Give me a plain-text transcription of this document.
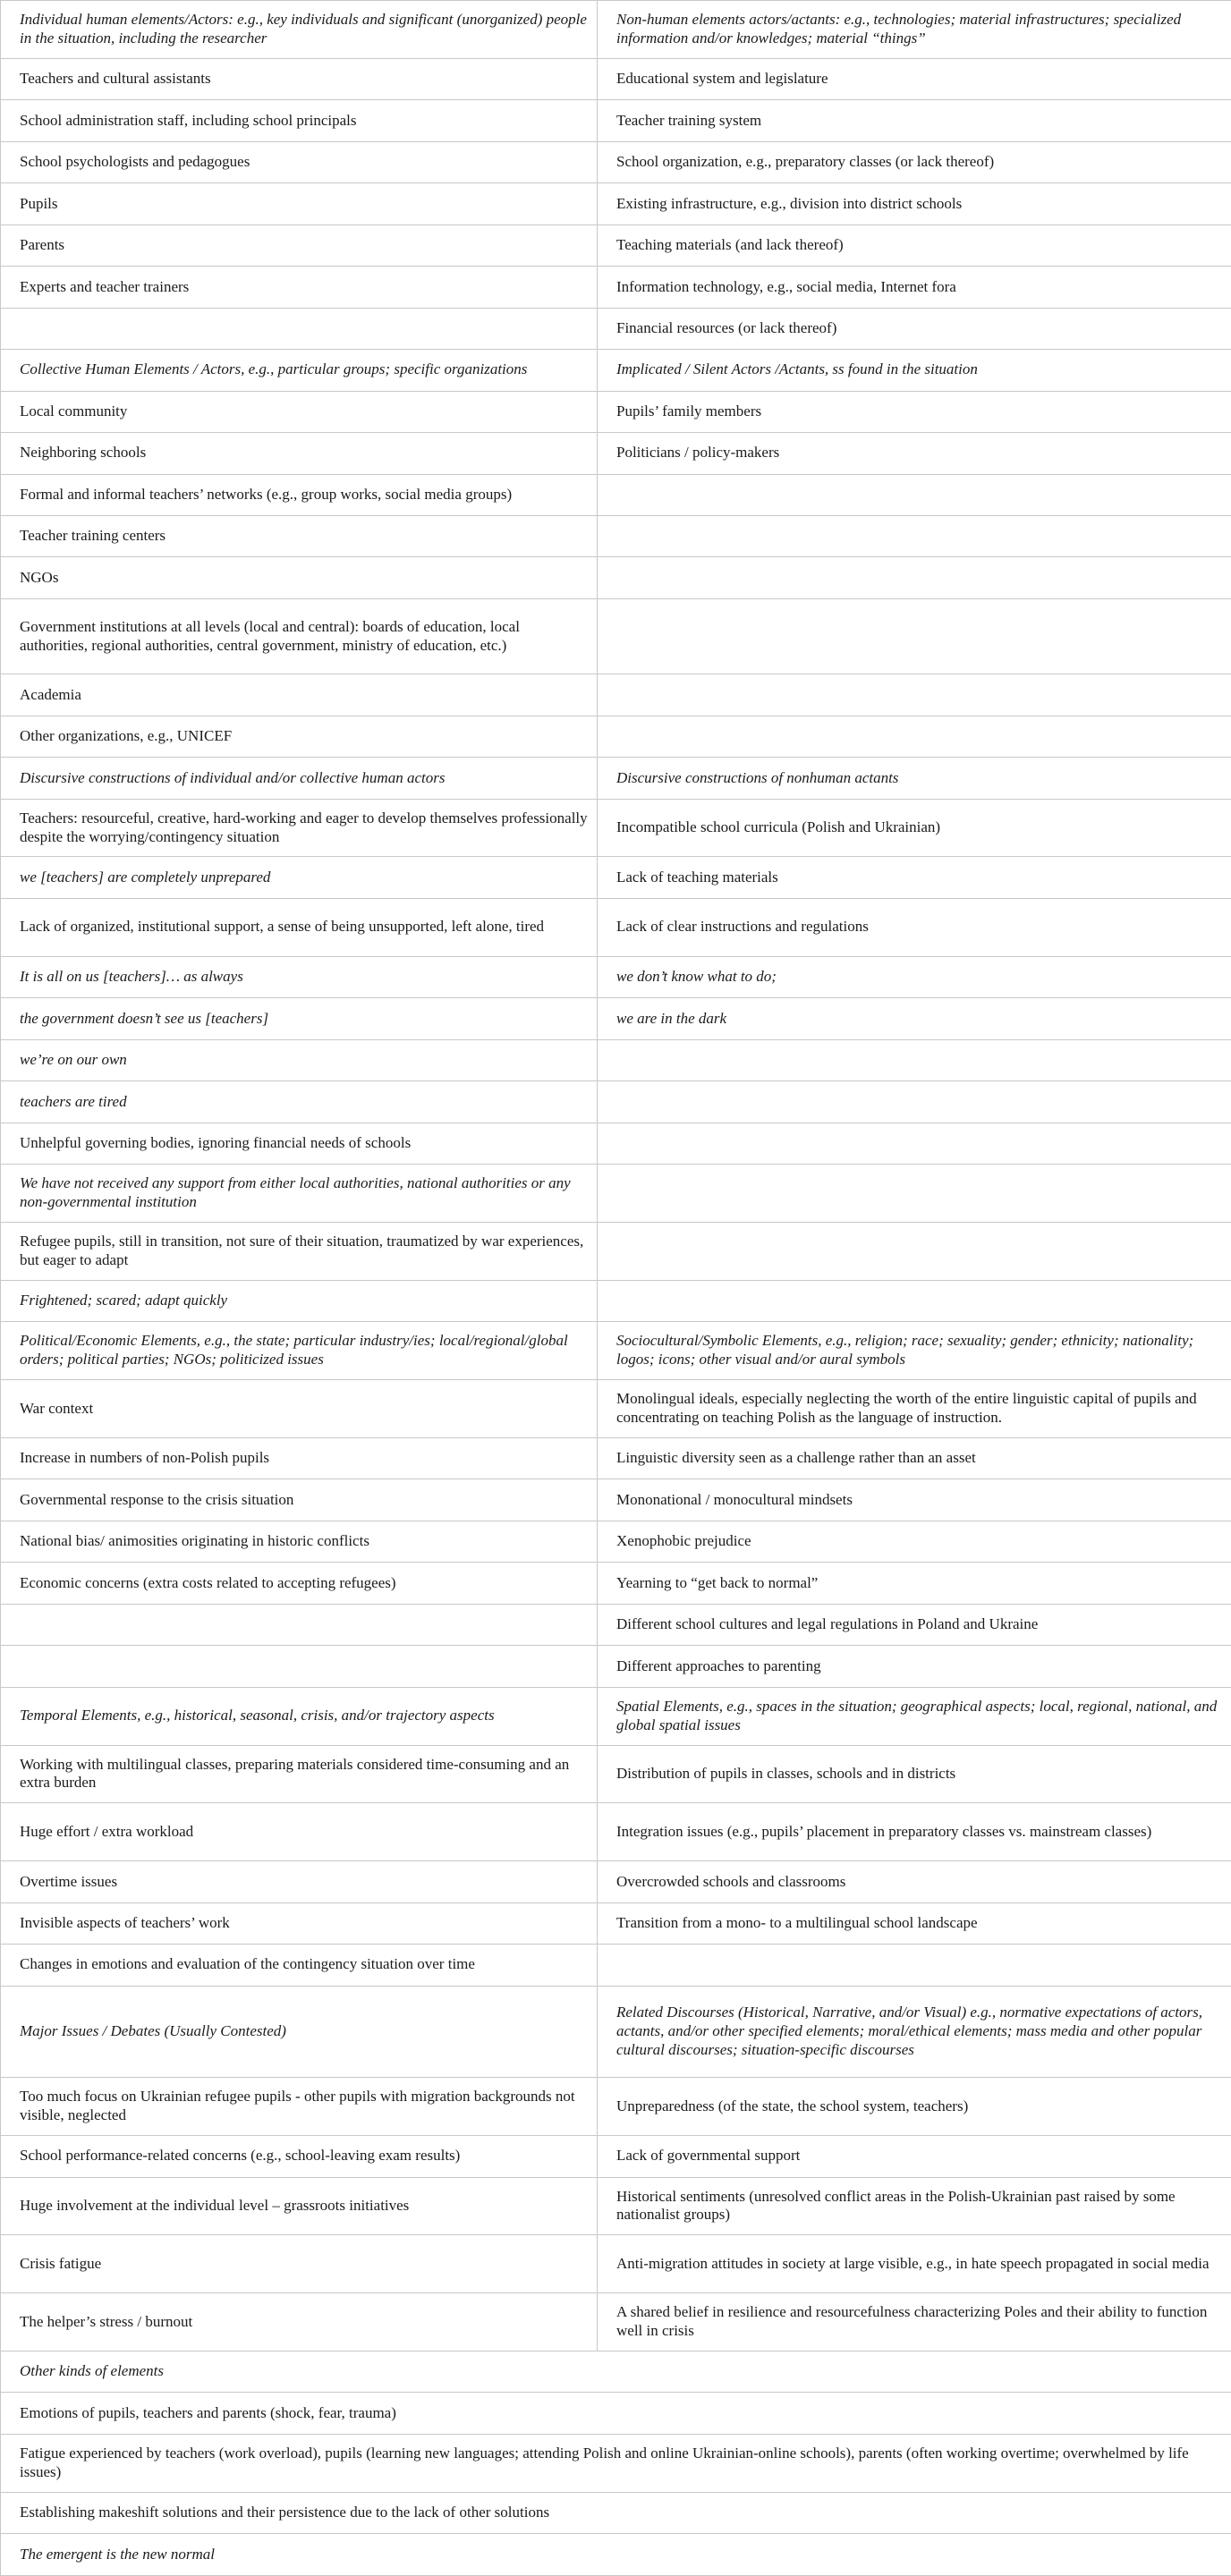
Individual human elements/Actors: e.g., key individuals and significant (unorganized) people in the situation, including the researcher	Non-human elements actors/actants: e.g., technologies; material infrastructures; specialized information and/or knowledges; material “things”
Teachers and cultural assistants	Educational system and legislature
School administration staff, including school principals	Teacher training system
School psychologists and pedagogues	School organization, e.g., preparatory classes (or lack thereof)
Pupils	Existing infrastructure, e.g., division into district schools
Parents	Teaching materials (and lack thereof)
Experts and teacher trainers	Information technology, e.g., social media, Internet fora
	Financial resources (or lack thereof)
Collective Human Elements / Actors, e.g., particular groups; specific organizations	Implicated / Silent Actors /Actants, ss found in the situation
Local community	Pupils’ family members
Neighboring schools	Politicians / policy-makers
Formal and informal teachers’ networks (e.g., group works, social media groups)	
Teacher training centers	
NGOs	
Government institutions at all levels (local and central): boards of education, local authorities, regional authorities, central government, ministry of education, etc.)	
Academia	
Other organizations, e.g., UNICEF	
Discursive constructions of individual and/or collective human actors	Discursive constructions of nonhuman actants
Teachers: resourceful, creative, hard-working and eager to develop themselves professionally despite the worrying/contingency situation	Incompatible school curricula (Polish and Ukrainian)
we [teachers] are completely unprepared	Lack of teaching materials
Lack of organized, institutional support, a sense of being unsupported, left alone, tired	Lack of clear instructions and regulations
It is all on us [teachers]… as always	we don’t know what to do;
the government doesn’t see us [teachers]	we are in the dark
we’re on our own	
teachers are tired	
Unhelpful governing bodies, ignoring financial needs of schools	
We have not received any support from either local authorities, national authorities or any non-governmental institution	
Refugee pupils, still in transition, not sure of their situation, traumatized by war experiences, but eager to adapt	
Frightened; scared; adapt quickly	
Political/Economic Elements, e.g., the state; particular industry/ies; local/regional/global orders; political parties; NGOs; politicized issues	Sociocultural/Symbolic Elements, e.g., religion; race; sexuality; gender; ethnicity; nationality; logos; icons; other visual and/or aural symbols
War context	Monolingual ideals, especially neglecting the worth of the entire linguistic capital of pupils and concentrating on teaching Polish as the language of instruction.
Increase in numbers of non-Polish pupils	Linguistic diversity seen as a challenge rather than an asset
Governmental response to the crisis situation	Mononational / monocultural mindsets
National bias/ animosities originating in historic conflicts	Xenophobic prejudice
Economic concerns (extra costs related to accepting refugees)	Yearning to “get back to normal”
	Different school cultures and legal regulations in Poland and Ukraine
	Different approaches to parenting
Temporal Elements, e.g., historical, seasonal, crisis, and/or trajectory aspects	Spatial Elements, e.g., spaces in the situation; geographical aspects; local, regional, national, and global spatial issues
Working with multilingual classes, preparing materials considered time-consuming and an extra burden	Distribution of pupils in classes, schools and in districts
Huge effort / extra workload	Integration issues (e.g., pupils’ placement in preparatory classes vs. mainstream classes)
Overtime issues	Overcrowded schools and classrooms
Invisible aspects of teachers’ work	Transition from a mono- to a multilingual school landscape
Changes in emotions and evaluation of the contingency situation over time	
Major Issues / Debates (Usually Contested)	Related Discourses (Historical, Narrative, and/or Visual) e.g., normative expectations of actors, actants, and/or other specified elements; moral/ethical elements; mass media and other popular cultural discourses; situation-specific discourses
Too much focus on Ukrainian refugee pupils - other pupils with migration backgrounds not visible, neglected	Unpreparedness (of the state, the school system, teachers)
School performance-related concerns (e.g., school-leaving exam results)	Lack of governmental support
Huge involvement at the individual level – grassroots initiatives	Historical sentiments (unresolved conflict areas in the Polish-Ukrainian past raised by some nationalist groups)
Crisis fatigue	Anti-migration attitudes in society at large visible, e.g., in hate speech propagated in social media
The helper’s stress / burnout	A shared belief in resilience and resourcefulness characterizing Poles and their ability to function well in crisis
Other kinds of elements	
Emotions of pupils, teachers and parents (shock, fear, trauma)	
Fatigue experienced by teachers (work overload), pupils (learning new languages; attending Polish and online Ukrainian-online schools), parents (often working overtime; overwhelmed by life issues)	
Establishing makeshift solutions and their persistence due to the lack of other solutions	
The emergent is the new normal	
